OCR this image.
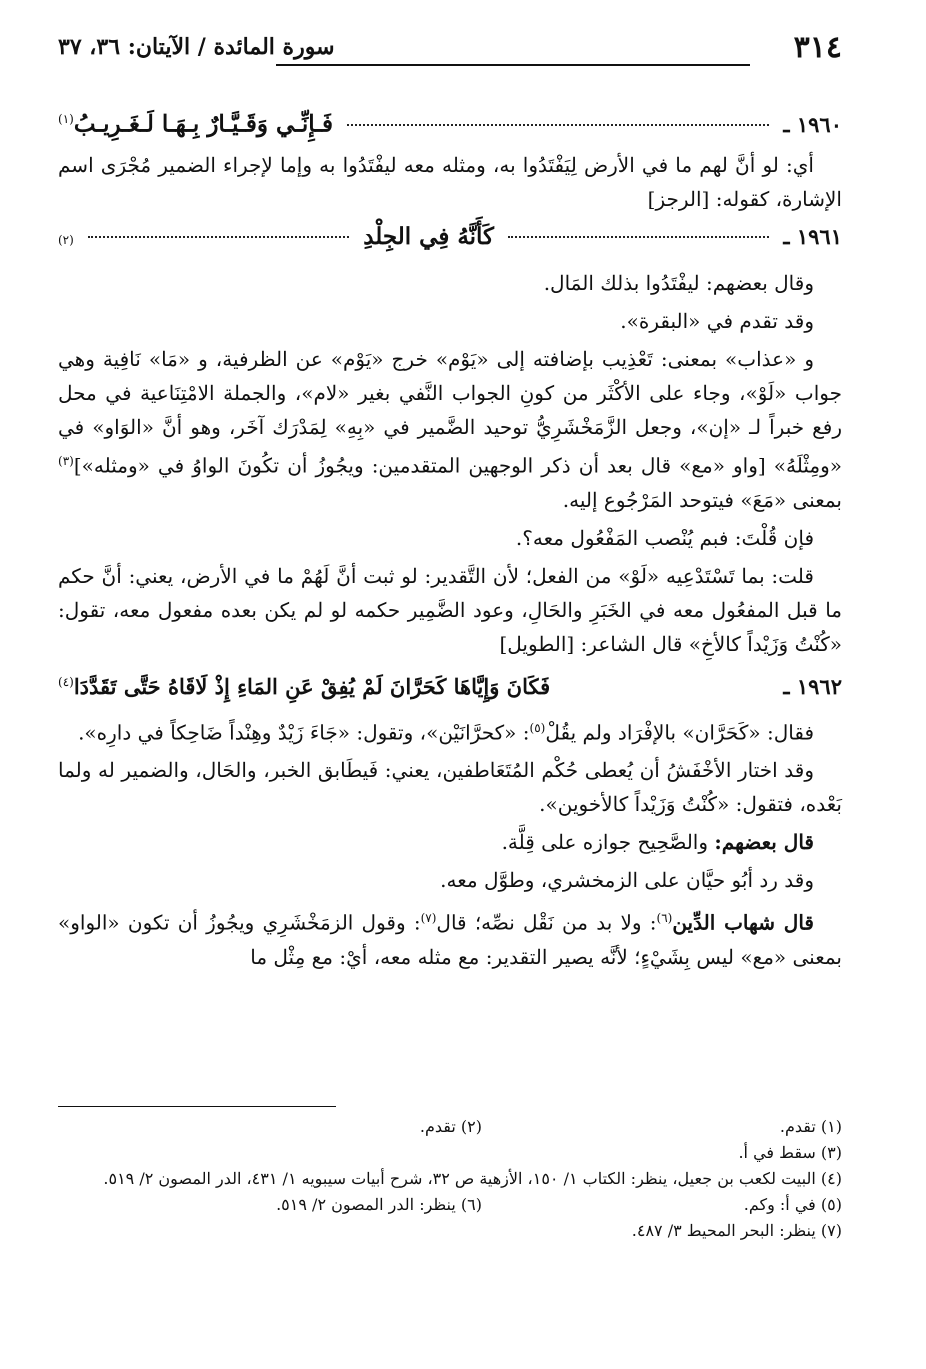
٣١٤
سورة المائدة / الآيتان: ٣٦، ٣٧
١٩٦٠ ـ
فَـإِنِّـي وَقَـيَّـارٌ بِـهَـا لَـغَـرِيـبُ$^{(١)}$

أي: لو أنَّ لهم ما في الأرض لِيَفْتَدُوا به، ومثله معه ليفْتَدُوا به وإما لإجراء الضمير مُجْرَى اسم الإشارة، كقوله: [الرجز]

١٩٦١ ـ
كَأَنَّهُ فِي الجِلْدِ
(٢)

وقال بعضهم: ليفْتَدُوا بذلك المَال.

وقد تقدم في «البقرة».

و «عذاب» بمعنى: تَعْذِيب بإضافته إلى «يَوْم» خرج «يَوْم» عن الظرفية، و «مَا» نَافِية وهي جواب «لَوْ»، وجاء على الأكْثَر من كونِ الجواب النَّفي بغير «لام»، والجملة الامْتِنَاعية في محل رفع خبراً لـ «إن»، وجعل الزَّمَخْشَرِيُّ توحيد الضَّمير في «بِهِ» لِمَدْرَك آخَر، وهو أنَّ «الوَاو» في «ومِثْلَهُ» [واو «مع» قال بعد أن ذكر الوجهين المتقدمين: ويجُوزُ أن تكُونَ الواوُ في «ومثله»]$^{(٣)}$ بمعنى «مَعَ» فيتوحد المَرْجُوع إليه.

فإن قُلْتَ: فبم يُنْصب المَفْعُول معه؟.

قلت: بما تَسْتَدْعِيه «لَوْ» من الفعل؛ لأن التَّقدير: لو ثبت أنَّ لَهُمْ ما في الأرض، يعني: أنَّ حكم ما قبل المفعُول معه في الخَبَرِ والحَالِ، وعود الضَّمِير حكمه لو لم يكن بعده مفعول معه، تقول: «كُنْتُ وَزَيْداً كالأخِ» قال الشاعر: [الطويل]

١٩٦٢ ـ
فَكَانَ وَإِيَّاهَا كَحَرَّانَ لَمْ يُفِقْ عَنِ المَاءِ إِذْ لَاقَاهُ حَتَّى تَقَدَّدَا$^{(٤)}$

فقال: «كَحَرَّان» بالإفْرَاد ولم يقُلْ$^{(٥)}$: «كحرَّانَيْن»، وتقول: «جَاءَ زَيْدٌ وهِنْداً ضَاحِكاً في دارِه».

وقد اختار الأخْفَشُ أن يُعطى حُكْم المُتَعَاطفين، يعني: فَيطَابق الخبر، والحَال، والضمير له ولما بَعْده، فتقول: «كُنْتُ وَزَيْداً كالأخوين».

قال بعضهم: والصَّحِيح جوازه على قِلَّة.

وقد رد أبُو حيَّان على الزمخشري، وطوَّل معه.

قال شهاب الدِّين$^{(٦)}$: ولا بد من نَقْل نصِّه؛ قال$^{(٧)}$: وقول الزمَخْشَرِي ويجُوزُ أن تكون «الواو» بمعنى «مع» ليس بِشَيْءٍ؛ لأنَّه يصير التقدير: مع مثله معه، أيْ: مع مِثْل ما

(١) تقدم.
(٢) تقدم.
(٣) سقط في أ.
(٤) البيت لكعب بن جعيل، ينظر: الكتاب ١/ ١٥٠، الأزهية ص ٣٢، شرح أبيات سيبويه ١/ ٤٣١، الدر المصون ٢/ ٥١٩.
(٥) في أ: وكم.
(٦) ينظر: الدر المصون ٢/ ٥١٩.
(٧) ينظر: البحر المحيط ٣/ ٤٨٧.
